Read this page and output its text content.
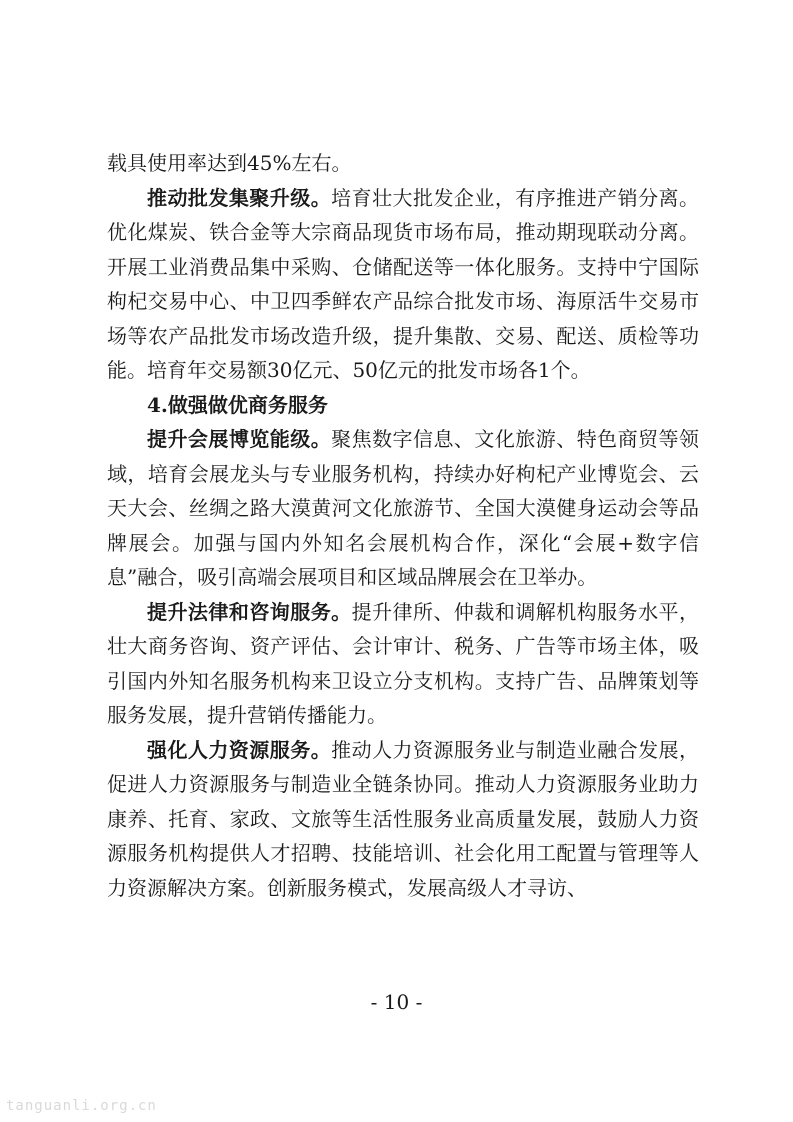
载具使用率达到45%左右。

推动批发集聚升级。培育壮大批发企业，有序推进产销分离。优化煤炭、铁合金等大宗商品现货市场布局，推动期现联动分离。开展工业消费品集中采购、仓储配送等一体化服务。支持中宁国际枸杞交易中心、中卫四季鲜农产品综合批发市场、海原活牛交易市场等农产品批发市场改造升级，提升集散、交易、配送、质检等功能。培育年交易额30亿元、50亿元的批发市场各1个。

4.做强做优商务服务

提升会展博览能级。聚焦数字信息、文化旅游、特色商贸等领域，培育会展龙头与专业服务机构，持续办好枸杞产业博览会、云天大会、丝绸之路大漠黄河文化旅游节、全国大漠健身运动会等品牌展会。加强与国内外知名会展机构合作，深化“会展+数字信息”融合，吸引高端会展项目和区域品牌展会在卫举办。

提升法律和咨询服务。提升律所、仲裁和调解机构服务水平，壮大商务咨询、资产评估、会计审计、税务、广告等市场主体，吸引国内外知名服务机构来卫设立分支机构。支持广告、品牌策划等服务发展，提升营销传播能力。

强化人力资源服务。推动人力资源服务业与制造业融合发展，促进人力资源服务与制造业全链条协同。推动人力资源服务业助力康养、托育、家政、文旅等生活性服务业高质量发展，鼓励人力资源服务机构提供人才招聘、技能培训、社会化用工配置与管理等人力资源解决方案。创新服务模式，发展高级人才寻访、

- 10 -
tanguanli.org.cn
